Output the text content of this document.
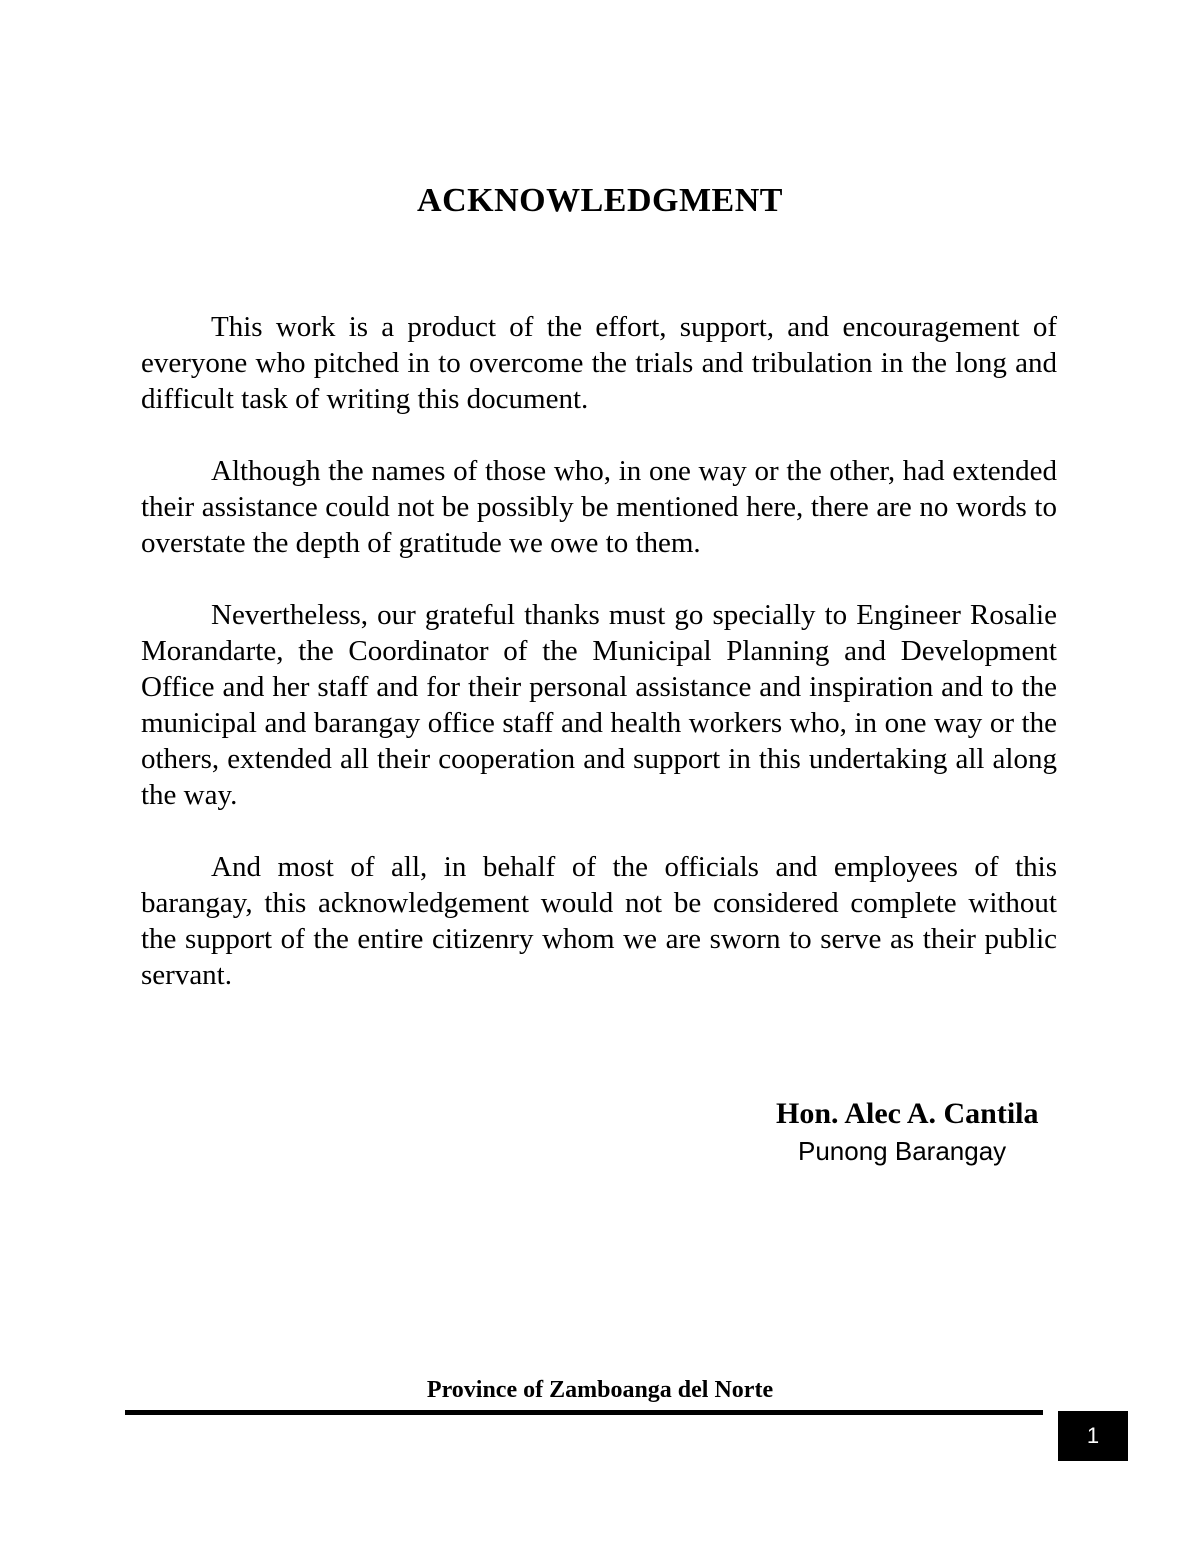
ACKNOWLEDGMENT

This work is a product of the effort, support, and encouragement of everyone who pitched in to overcome the trials and tribulation in the long and difficult task of writing this document.

Although the names of those who, in one way or the other, had extended their assistance could not be possibly be mentioned here, there are no words to overstate the depth of gratitude we owe to them.

Nevertheless, our grateful thanks must go specially to Engineer Rosalie Morandarte, the Coordinator of the Municipal Planning and Development Office and her staff and for their personal assistance and inspiration and to the municipal and barangay office staff and health workers who, in one way or the others, extended all their cooperation and support in this undertaking all along the way.

And most of all, in behalf of the officials and employees of this barangay, this acknowledgement would not be considered complete without the support of the entire citizenry whom we are sworn to serve as their public servant.

Hon. Alec A. Cantila

Punong Barangay

Province of Zamboanga del Norte

1
